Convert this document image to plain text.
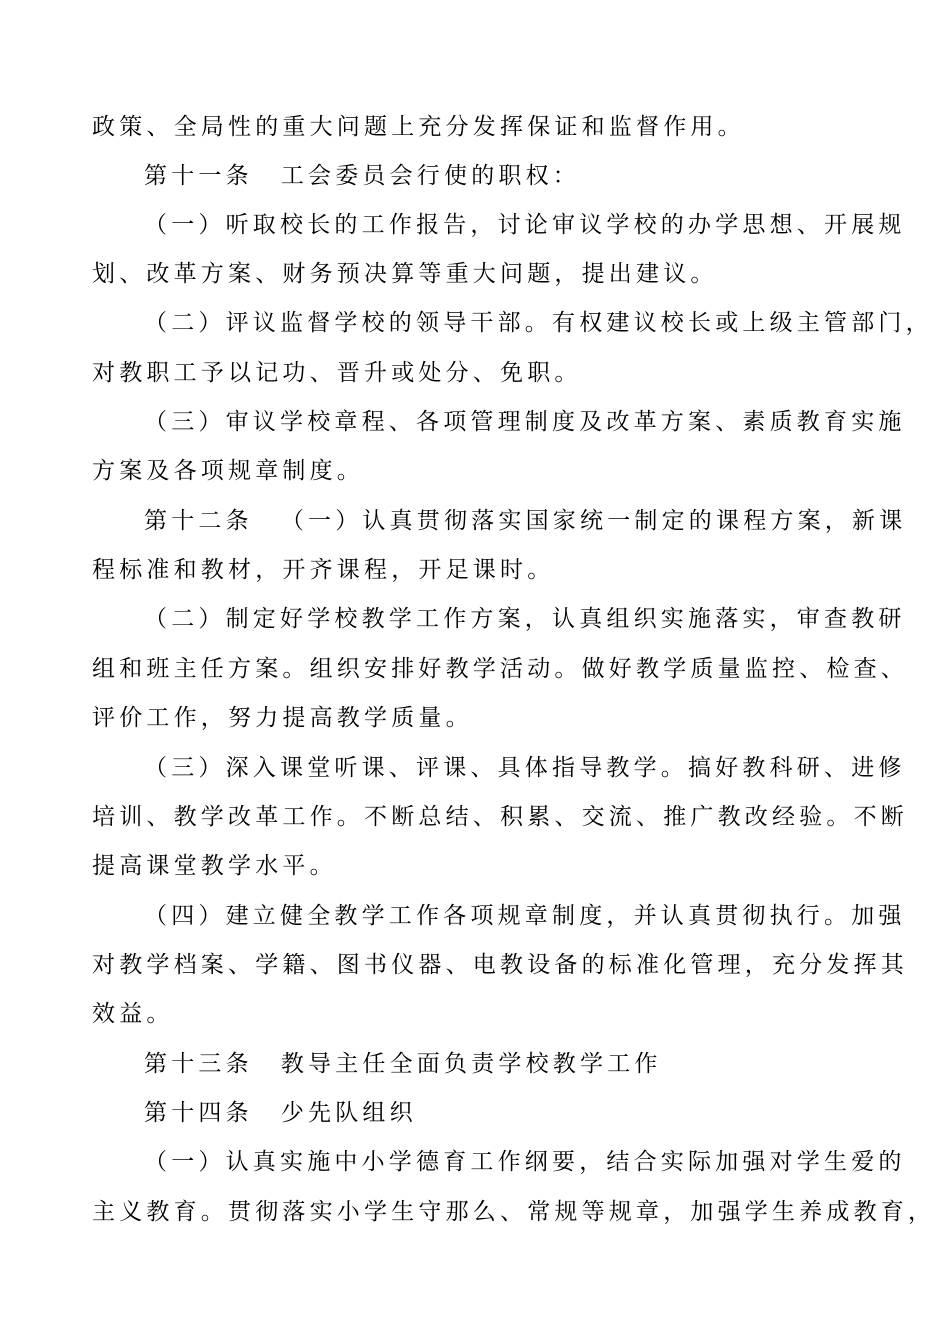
政策、全局性的重大问题上充分发挥保证和监督作用。
第十一条 工会委员会行使的职权：
（一）听取校长的工作报告，讨论审议学校的办学思想、开展规
划、改革方案、财务预决算等重大问题，提出建议。
（二）评议监督学校的领导干部。有权建议校长或上级主管部门，
对教职工予以记功、晋升或处分、免职。
（三）审议学校章程、各项管理制度及改革方案、素质教育实施
方案及各项规章制度。
第十二条 （一）认真贯彻落实国家统一制定的课程方案，新课
程标准和教材，开齐课程，开足课时。
（二）制定好学校教学工作方案，认真组织实施落实，审查教研
组和班主任方案。组织安排好教学活动。做好教学质量监控、检查、
评价工作，努力提高教学质量。
（三）深入课堂听课、评课、具体指导教学。搞好教科研、进修
培训、教学改革工作。不断总结、积累、交流、推广教改经验。不断
提高课堂教学水平。
（四）建立健全教学工作各项规章制度，并认真贯彻执行。加强
对教学档案、学籍、图书仪器、电教设备的标准化管理，充分发挥其
效益。
第十三条 教导主任全面负责学校教学工作
第十四条 少先队组织
（一）认真实施中小学德育工作纲要，结合实际加强对学生爱的
主义教育。贯彻落实小学生守那么、常规等规章，加强学生养成教育，
